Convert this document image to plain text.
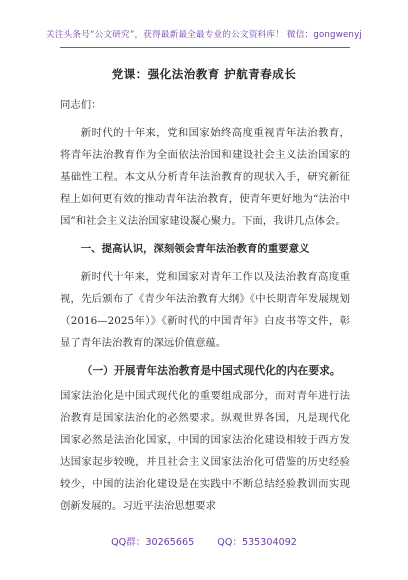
关注头条号“公文研究”，获得最新最全最专业的公文资料库！ 微信：gongwenyj
党课：强化法治教育 护航青春成长

同志们：

新时代的十年来，党和国家始终高度重视青年法治教育，将青年法治教育作为全面依法治国和建设社会主义法治国家的基础性工程。本文从分析青年法治教育的现状入手，研究新征程上如何更有效的推动青年法治教育，使青年更好地为“法治中国”和社会主义法治国家建设凝心聚力。下面，我讲几点体会。

一、提高认识，深刻领会青年法治教育的重要意义

新时代十年来，党和国家对青年工作以及法治教育高度重视，先后颁布了《青少年法治教育大纲》《中长期青年发展规划（2016—2025年）》《新时代的中国青年》白皮书等文件，彰显了青年法治教育的深远价值意蕴。

（一）开展青年法治教育是中国式现代化的内在要求。

国家法治化是中国式现代化的重要组成部分，而对青年进行法治教育是国家法治化的必然要求。纵观世界各国，凡是现代化国家必然是法治化国家，中国的国家法治化建设相较于西方发达国家起步较晚，并且社会主义国家法治化可借鉴的历史经验较少，中国的法治化建设是在实践中不断总结经验教训而实现创新发展的。习近平法治思想要求

QQ群：30265665 QQ：535304092
